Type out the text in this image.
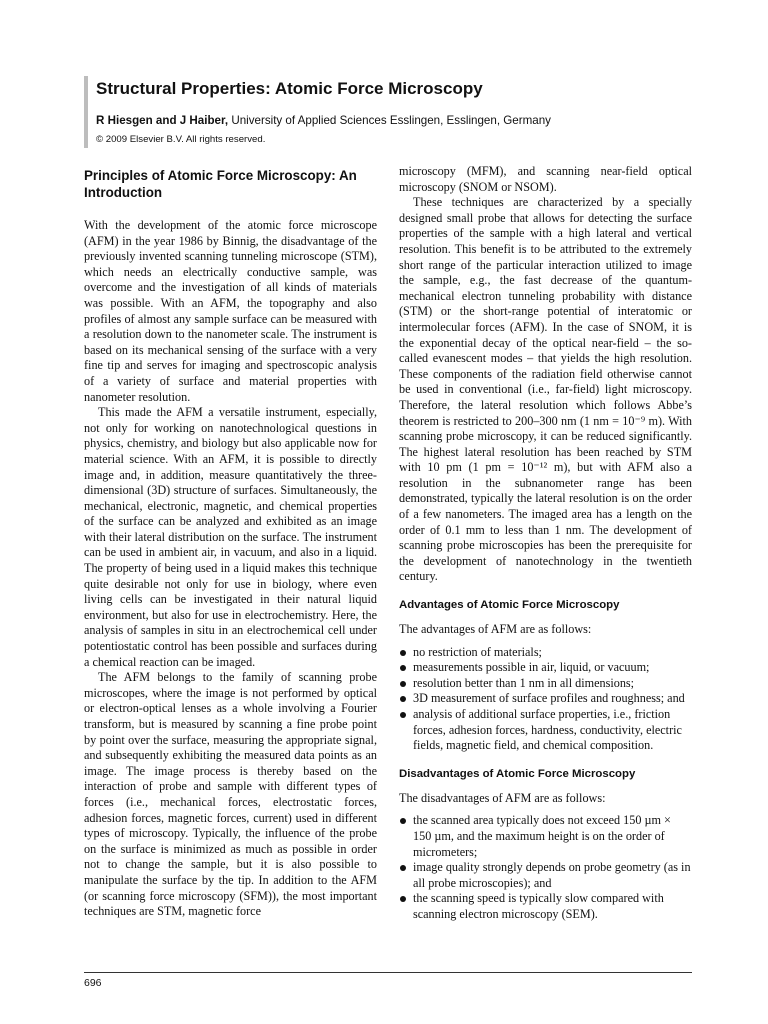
Structural Properties: Atomic Force Microscopy

R Hiesgen and J Haiber, University of Applied Sciences Esslingen, Esslingen, Germany

© 2009 Elsevier B.V. All rights reserved.

Principles of Atomic Force Microscopy: An Introduction

With the development of the atomic force microscope (AFM) in the year 1986 by Binnig, the disadvantage of the previously invented scanning tunneling microscope (STM), which needs an electrically conductive sample, was overcome and the investigation of all kinds of materials was possible. With an AFM, the topography and also profiles of almost any sample surface can be measured with a resolution down to the nanometer scale. The instrument is based on its mechanical sensing of the surface with a very fine tip and serves for imaging and spectroscopic analysis of a variety of surface and material properties with nanometer resolution.

This made the AFM a versatile instrument, especially, not only for working on nanotechnological questions in physics, chemistry, and biology but also applicable now for material science. With an AFM, it is possible to directly image and, in addition, measure quantitatively the three-dimensional (3D) structure of surfaces. Simultaneously, the mechanical, electronic, magnetic, and chemical properties of the surface can be analyzed and exhibited as an image with their lateral distribution on the surface. The instrument can be used in ambient air, in vacuum, and also in a liquid. The property of being used in a liquid makes this technique quite desirable not only for use in biology, where even living cells can be investigated in their natural liquid environment, but also for use in electrochemistry. Here, the analysis of samples in situ in an electrochemical cell under potentiostatic control has been possible and surfaces during a chemical reaction can be imaged.

The AFM belongs to the family of scanning probe microscopes, where the image is not performed by optical or electron-optical lenses as a whole involving a Fourier transform, but is measured by scanning a fine probe point by point over the surface, measuring the appropriate signal, and subsequently exhibiting the measured data points as an image. The image process is thereby based on the interaction of probe and sample with different types of forces (i.e., mechanical forces, electrostatic forces, adhesion forces, magnetic forces, current) used in different types of microscopy. Typically, the influence of the probe on the surface is minimized as much as possible in order not to change the sample, but it is also possible to manipulate the surface by the tip. In addition to the AFM (or scanning force microscopy (SFM)), the most important techniques are STM, magnetic force

microscopy (MFM), and scanning near-field optical microscopy (SNOM or NSOM).

These techniques are characterized by a specially designed small probe that allows for detecting the surface properties of the sample with a high lateral and vertical resolution. This benefit is to be attributed to the extremely short range of the particular interaction utilized to image the sample, e.g., the fast decrease of the quantum-mechanical electron tunneling probability with distance (STM) or the short-range potential of interatomic or intermolecular forces (AFM). In the case of SNOM, it is the exponential decay of the optical near-field – the so-called evanescent modes – that yields the high resolution. These components of the radiation field otherwise cannot be used in conventional (i.e., far-field) light microscopy. Therefore, the lateral resolution which follows Abbe’s theorem is restricted to 200–300 nm (1 nm = 10⁻⁹ m). With scanning probe microscopy, it can be reduced significantly. The highest lateral resolution has been reached by STM with 10 pm (1 pm = 10⁻¹² m), but with AFM also a resolution in the subnanometer range has been demonstrated, typically the lateral resolution is on the order of a few nanometers. The imaged area has a length on the order of 0.1 mm to less than 1 nm. The development of scanning probe microscopies has been the prerequisite for the development of nanotechnology in the twentieth century.

Advantages of Atomic Force Microscopy

The advantages of AFM are as follows:

no restriction of materials;
measurements possible in air, liquid, or vacuum;
resolution better than 1 nm in all dimensions;
3D measurement of surface profiles and roughness; and
analysis of additional surface properties, i.e., friction forces, adhesion forces, hardness, conductivity, electric fields, magnetic field, and chemical composition.
Disadvantages of Atomic Force Microscopy

The disadvantages of AFM are as follows:

the scanned area typically does not exceed 150 µm × 150 µm, and the maximum height is on the order of micrometers;
image quality strongly depends on probe geometry (as in all probe microscopies); and
the scanning speed is typically slow compared with scanning electron microscopy (SEM).

696
